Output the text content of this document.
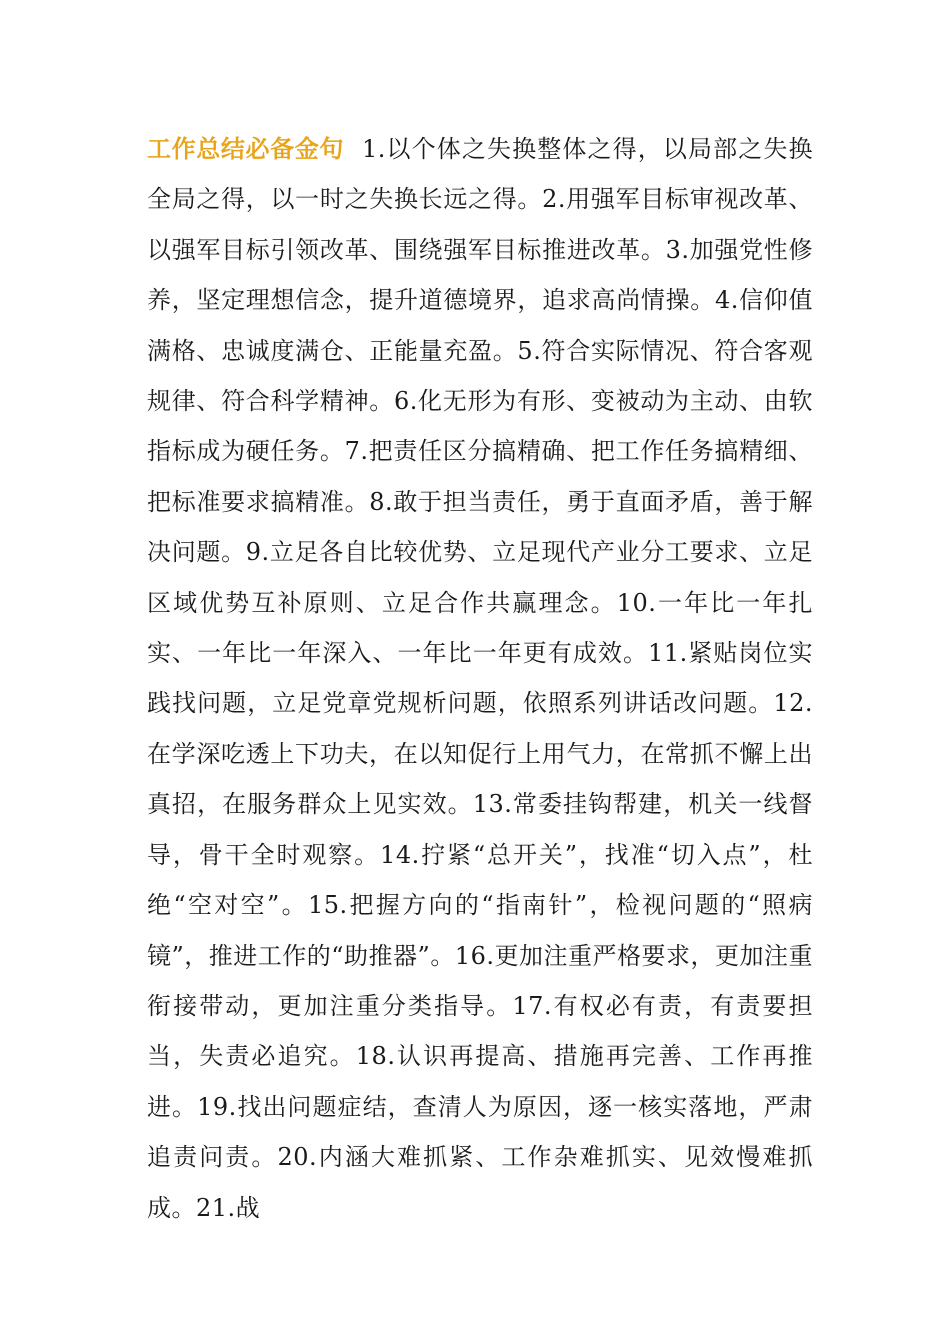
工作总结必备金句 1.以个体之失换整体之得，以局部之失换全局之得，以一时之失换长远之得。2.用强军目标审视改革、以强军目标引领改革、围绕强军目标推进改革。3.加强党性修养，坚定理想信念，提升道德境界，追求高尚情操。4.信仰值满格、忠诚度满仓、正能量充盈。5.符合实际情况、符合客观规律、符合科学精神。6.化无形为有形、变被动为主动、由软指标成为硬任务。7.把责任区分搞精确、把工作任务搞精细、把标准要求搞精准。8.敢于担当责任，勇于直面矛盾，善于解决问题。9.立足各自比较优势、立足现代产业分工要求、立足区域优势互补原则、立足合作共赢理念。10.一年比一年扎实、一年比一年深入、一年比一年更有成效。11.紧贴岗位实践找问题，立足党章党规析问题，依照系列讲话改问题。12.在学深吃透上下功夫，在以知促行上用气力，在常抓不懈上出真招，在服务群众上见实效。13.常委挂钩帮建，机关一线督导，骨干全时观察。14.拧紧“总开关”，找准“切入点”，杜绝“空对空”。15.把握方向的“指南针”，检视问题的“照病镜”，推进工作的“助推器”。16.更加注重严格要求，更加注重衔接带动，更加注重分类指导。17.有权必有责，有责要担当，失责必追究。18.认识再提高、措施再完善、工作再推进。19.找出问题症结，查清人为原因，逐一核实落地，严肃追责问责。20.内涵大难抓紧、工作杂难抓实、见效慢难抓成。21.战
